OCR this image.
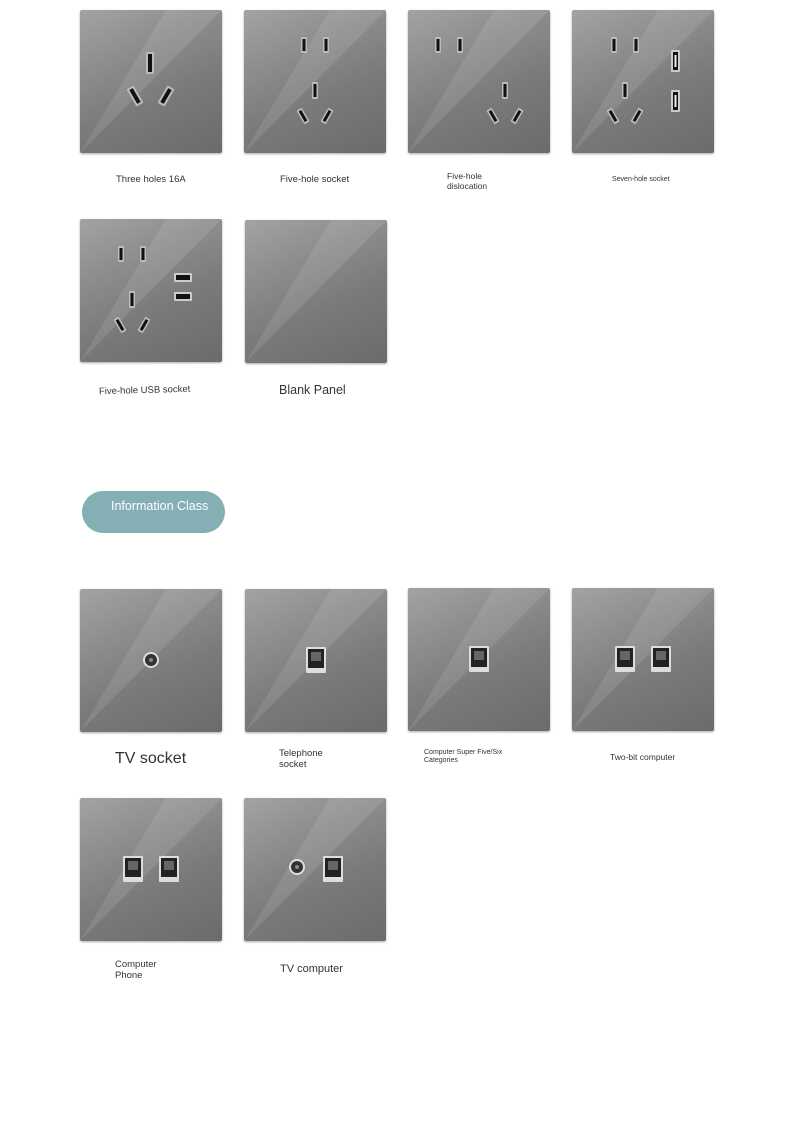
Three holes 16A	Five-hole socket	Five-hole dislocation
Seven-hole socket
Five-hole USB socket	Blank Panel
Information Class
TV socket	Telephone socket
Computer Super Five/Six Categories	Two-bit computer
Computer Phone
TV computer
